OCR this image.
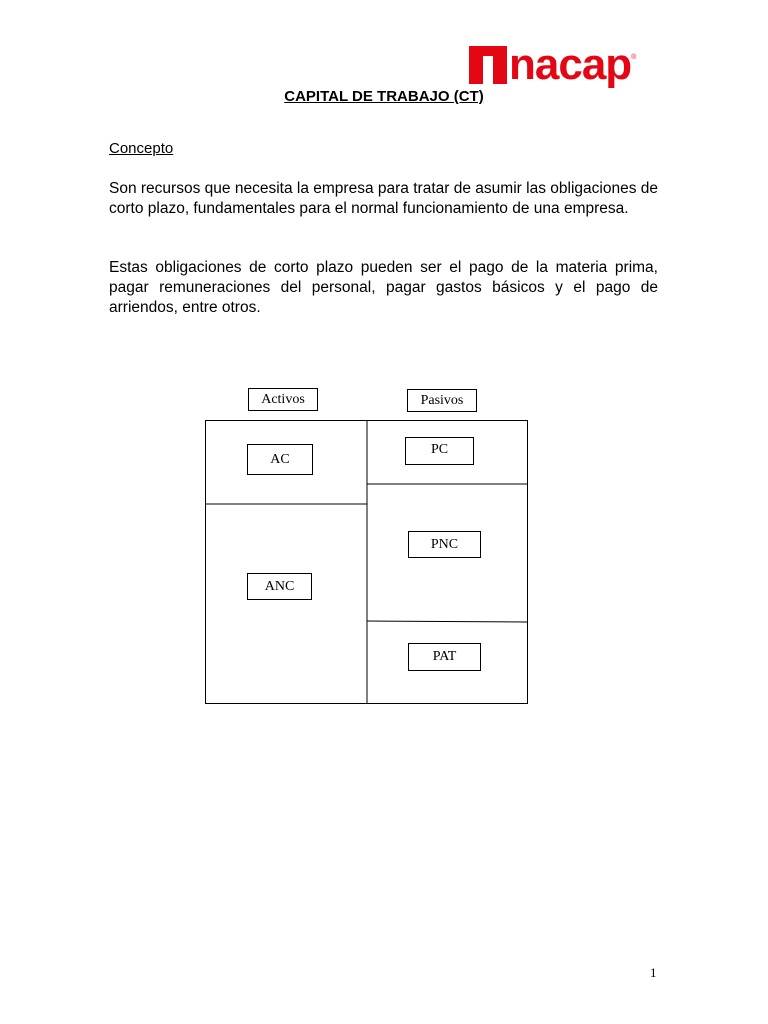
nacap ®
CAPITAL DE TRABAJO (CT)
Concepto
Son recursos que necesita la empresa para tratar de asumir las obligaciones de corto plazo, fundamentales para el normal funcionamiento de una empresa.
Estas obligaciones de corto plazo pueden ser el pago de la materia prima, pagar remuneraciones del personal, pagar gastos básicos y el pago de arriendos, entre otros.
Activos	Pasivos
AC
ANC
PC
PNC
PAT
1
